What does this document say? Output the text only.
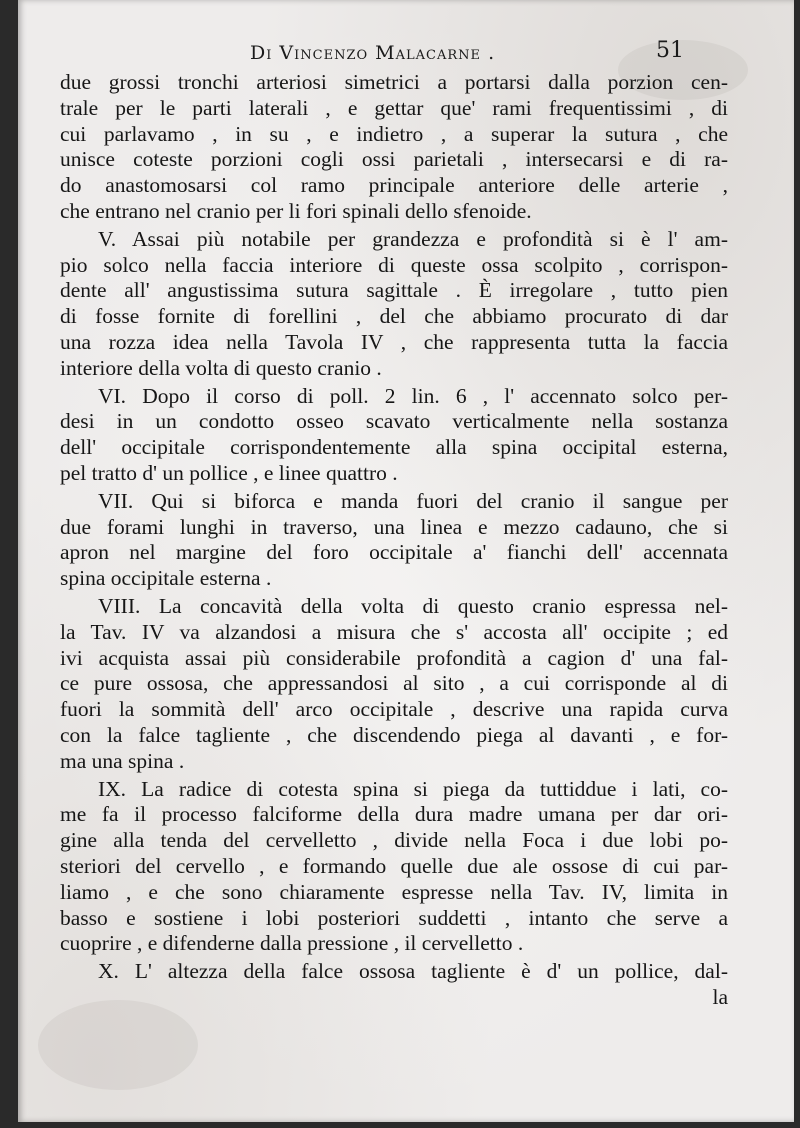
Di Vincenzo Malacarne .	51
due grossi tronchi arteriosi simetrici a portarsi dalla porzion cen-
trale per le parti laterali , e gettar que' rami frequentissimi , di
cui parlavamo , in su , e indietro , a superar la sutura , che
unisce coteste porzioni cogli ossi parietali , intersecarsi e di ra-
do anastomosarsi col ramo principale anteriore delle arterie ,
che entrano nel cranio per li fori spinali dello sfenoide.
V. Assai più notabile per grandezza e profondità si è l' am-
pio solco nella faccia interiore di queste ossa scolpito , corrispon-
dente all' angustissima sutura sagittale . È irregolare , tutto pien
di fosse fornite di forellini , del che abbiamo procurato di dar
una rozza idea nella Tavola IV , che rappresenta tutta la faccia
interiore della volta di questo cranio .
VI. Dopo il corso di poll. 2 lin. 6 , l' accennato solco per-
desi in un condotto osseo scavato verticalmente nella sostanza
dell' occipitale corrispondentemente alla spina occipital esterna,
pel tratto d' un pollice , e linee quattro .
VII. Qui si biforca e manda fuori del cranio il sangue per
due forami lunghi in traverso, una linea e mezzo cadauno, che si
apron nel margine del foro occipitale a' fianchi dell' accennata
spina occipitale esterna .
VIII. La concavità della volta di questo cranio espressa nel-
la Tav. IV va alzandosi a misura che s' accosta all' occipite ; ed
ivi acquista assai più considerabile profondità a cagion d' una fal-
ce pure ossosa, che appressandosi al sito , a cui corrisponde al di
fuori la sommità dell' arco occipitale , descrive una rapida curva
con la falce tagliente , che discendendo piega al davanti , e for-
ma una spina .
IX. La radice di cotesta spina si piega da tuttiddue i lati, co-
me fa il processo falciforme della dura madre umana per dar ori-
gine alla tenda del cervelletto , divide nella Foca i due lobi po-
steriori del cervello , e formando quelle due ale ossose di cui par-
liamo , e che sono chiaramente espresse nella Tav. IV, limita in
basso e sostiene i lobi posteriori suddetti , intanto che serve a
cuoprire , e difenderne dalla pressione , il cervelletto .
X. L' altezza della falce ossosa tagliente è d' un pollice, dal-
la
